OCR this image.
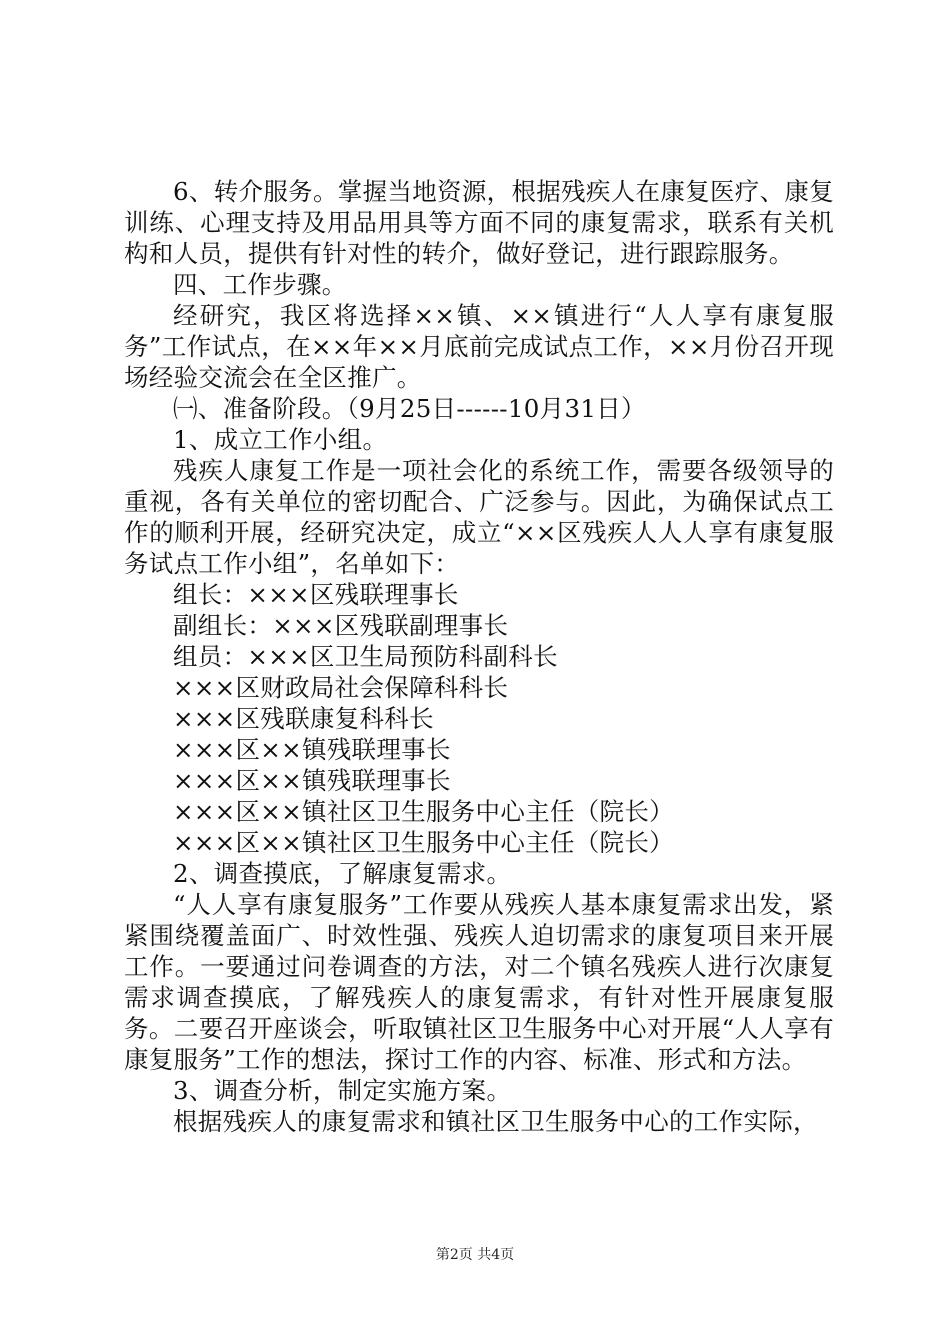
6、转介服务。掌握当地资源，根据残疾人在康复医疗、康复训练、心理支持及用品用具等方面不同的康复需求，联系有关机构和人员，提供有针对性的转介，做好登记，进行跟踪服务。

四、工作步骤。

经研究，我区将选择××镇、××镇进行“人人享有康复服务”工作试点，在××年××月底前完成试点工作，××月份召开现场经验交流会在全区推广。

㈠、准备阶段。（9月25日------10月31日）

1、成立工作小组。

残疾人康复工作是一项社会化的系统工作，需要各级领导的重视，各有关单位的密切配合、广泛参与。因此，为确保试点工作的顺利开展，经研究决定，成立“××区残疾人人人享有康复服务试点工作小组”，名单如下：

组长：×××区残联理事长

副组长：×××区残联副理事长

组员：×××区卫生局预防科副科长

×××区财政局社会保障科科长

×××区残联康复科科长

×××区××镇残联理事长

×××区××镇残联理事长

×××区××镇社区卫生服务中心主任（院长）

×××区××镇社区卫生服务中心主任（院长）

2、调查摸底，了解康复需求。

“人人享有康复服务”工作要从残疾人基本康复需求出发，紧紧围绕覆盖面广、时效性强、残疾人迫切需求的康复项目来开展工作。一要通过问卷调查的方法，对二个镇名残疾人进行次康复需求调查摸底，了解残疾人的康复需求，有针对性开展康复服务。二要召开座谈会，听取镇社区卫生服务中心对开展“人人享有康复服务”工作的想法，探讨工作的内容、标准、形式和方法。

3、调查分析，制定实施方案。

根据残疾人的康复需求和镇社区卫生服务中心的工作实际，

第2页 共4页
